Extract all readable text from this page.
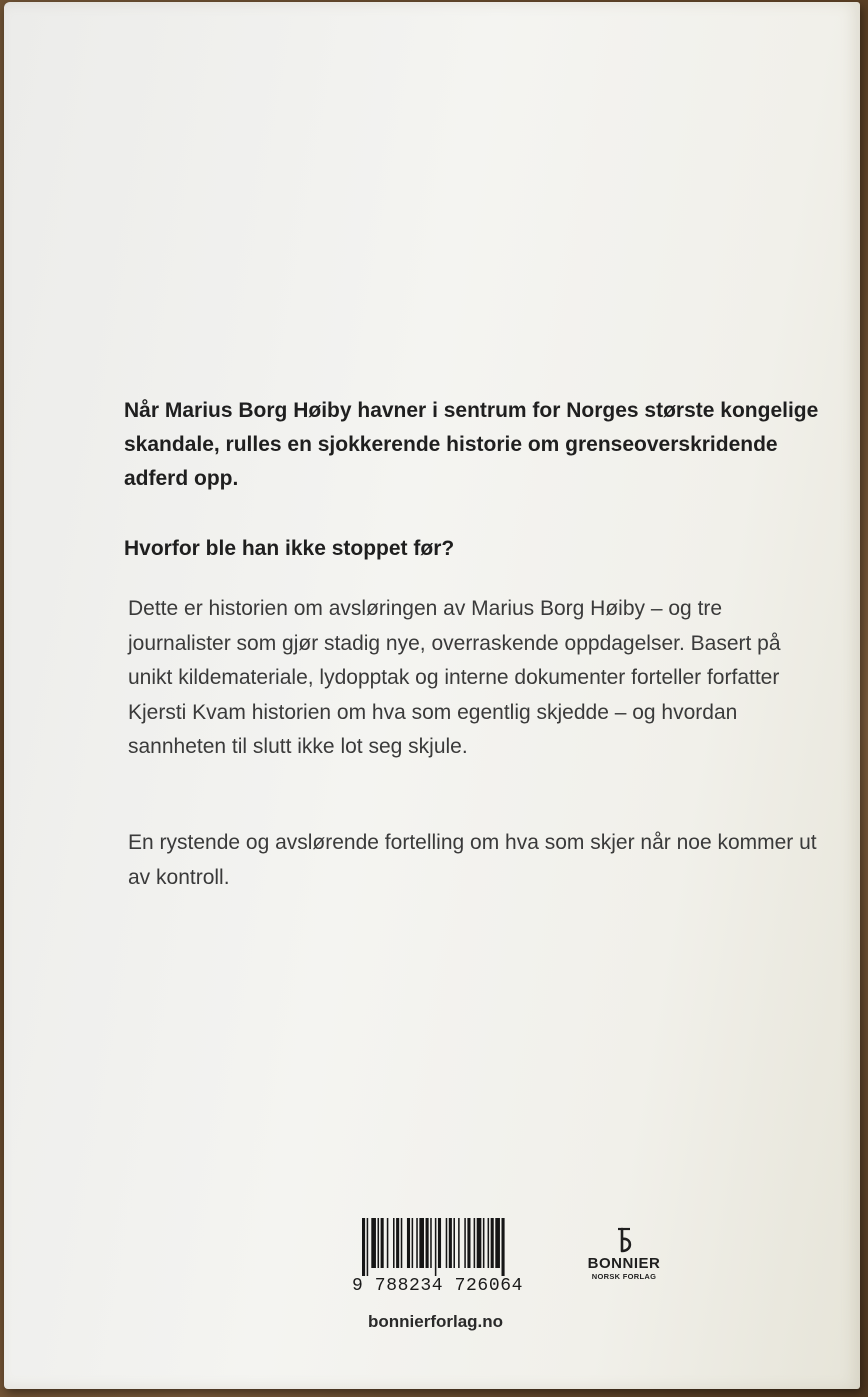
Når Marius Borg Høiby havner i sentrum for Norges største kongelige skandale, rulles en sjokkerende historie om grenseoverskridende adferd opp.

Hvorfor ble han ikke stoppet før?

Dette er historien om avsløringen av Marius Borg Høiby – og tre journalister som gjør stadig nye, overraskende oppdagelser. Basert på unikt kildemateriale, lydopptak og interne dokumenter forteller forfatter Kjersti Kvam historien om hva som egentlig skjedde – og hvordan sannheten til slutt ikke lot seg skjule.

En rystende og avslørende fortelling om hva som skjer når noe kommer ut av kontroll.

9 788234 726064
BONNIER
NORSK FORLAG
bonnierforlag.no
